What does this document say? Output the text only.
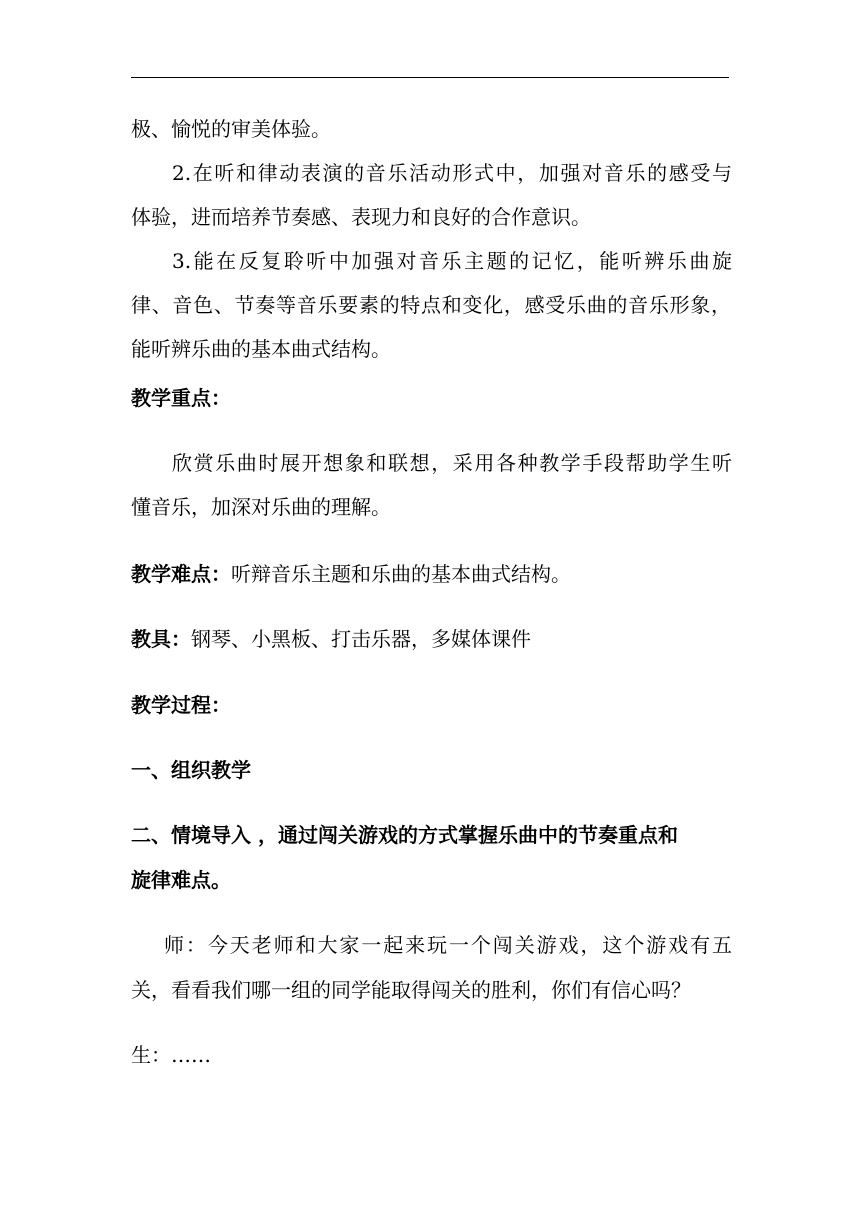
极、愉悦的审美体验。
2.在听和律动表演的音乐活动形式中，加强对音乐的感受与
体验，进而培养节奏感、表现力和良好的合作意识。
3.能在反复聆听中加强对音乐主题的记忆，能听辨乐曲旋
律、音色、节奏等音乐要素的特点和变化，感受乐曲的音乐形象，
能听辨乐曲的基本曲式结构。
教学重点：
欣赏乐曲时展开想象和联想，采用各种教学手段帮助学生听
懂音乐，加深对乐曲的理解。
教学难点：听辩音乐主题和乐曲的基本曲式结构。
教具：钢琴、小黑板、打击乐器，多媒体课件
教学过程：
一、组织教学
二、情境导入 ，通过闯关游戏的方式掌握乐曲中的节奏重点和
旋律难点。
师：今天老师和大家一起来玩一个闯关游戏，这个游戏有五
关，看看我们哪一组的同学能取得闯关的胜利，你们有信心吗？
生：……
